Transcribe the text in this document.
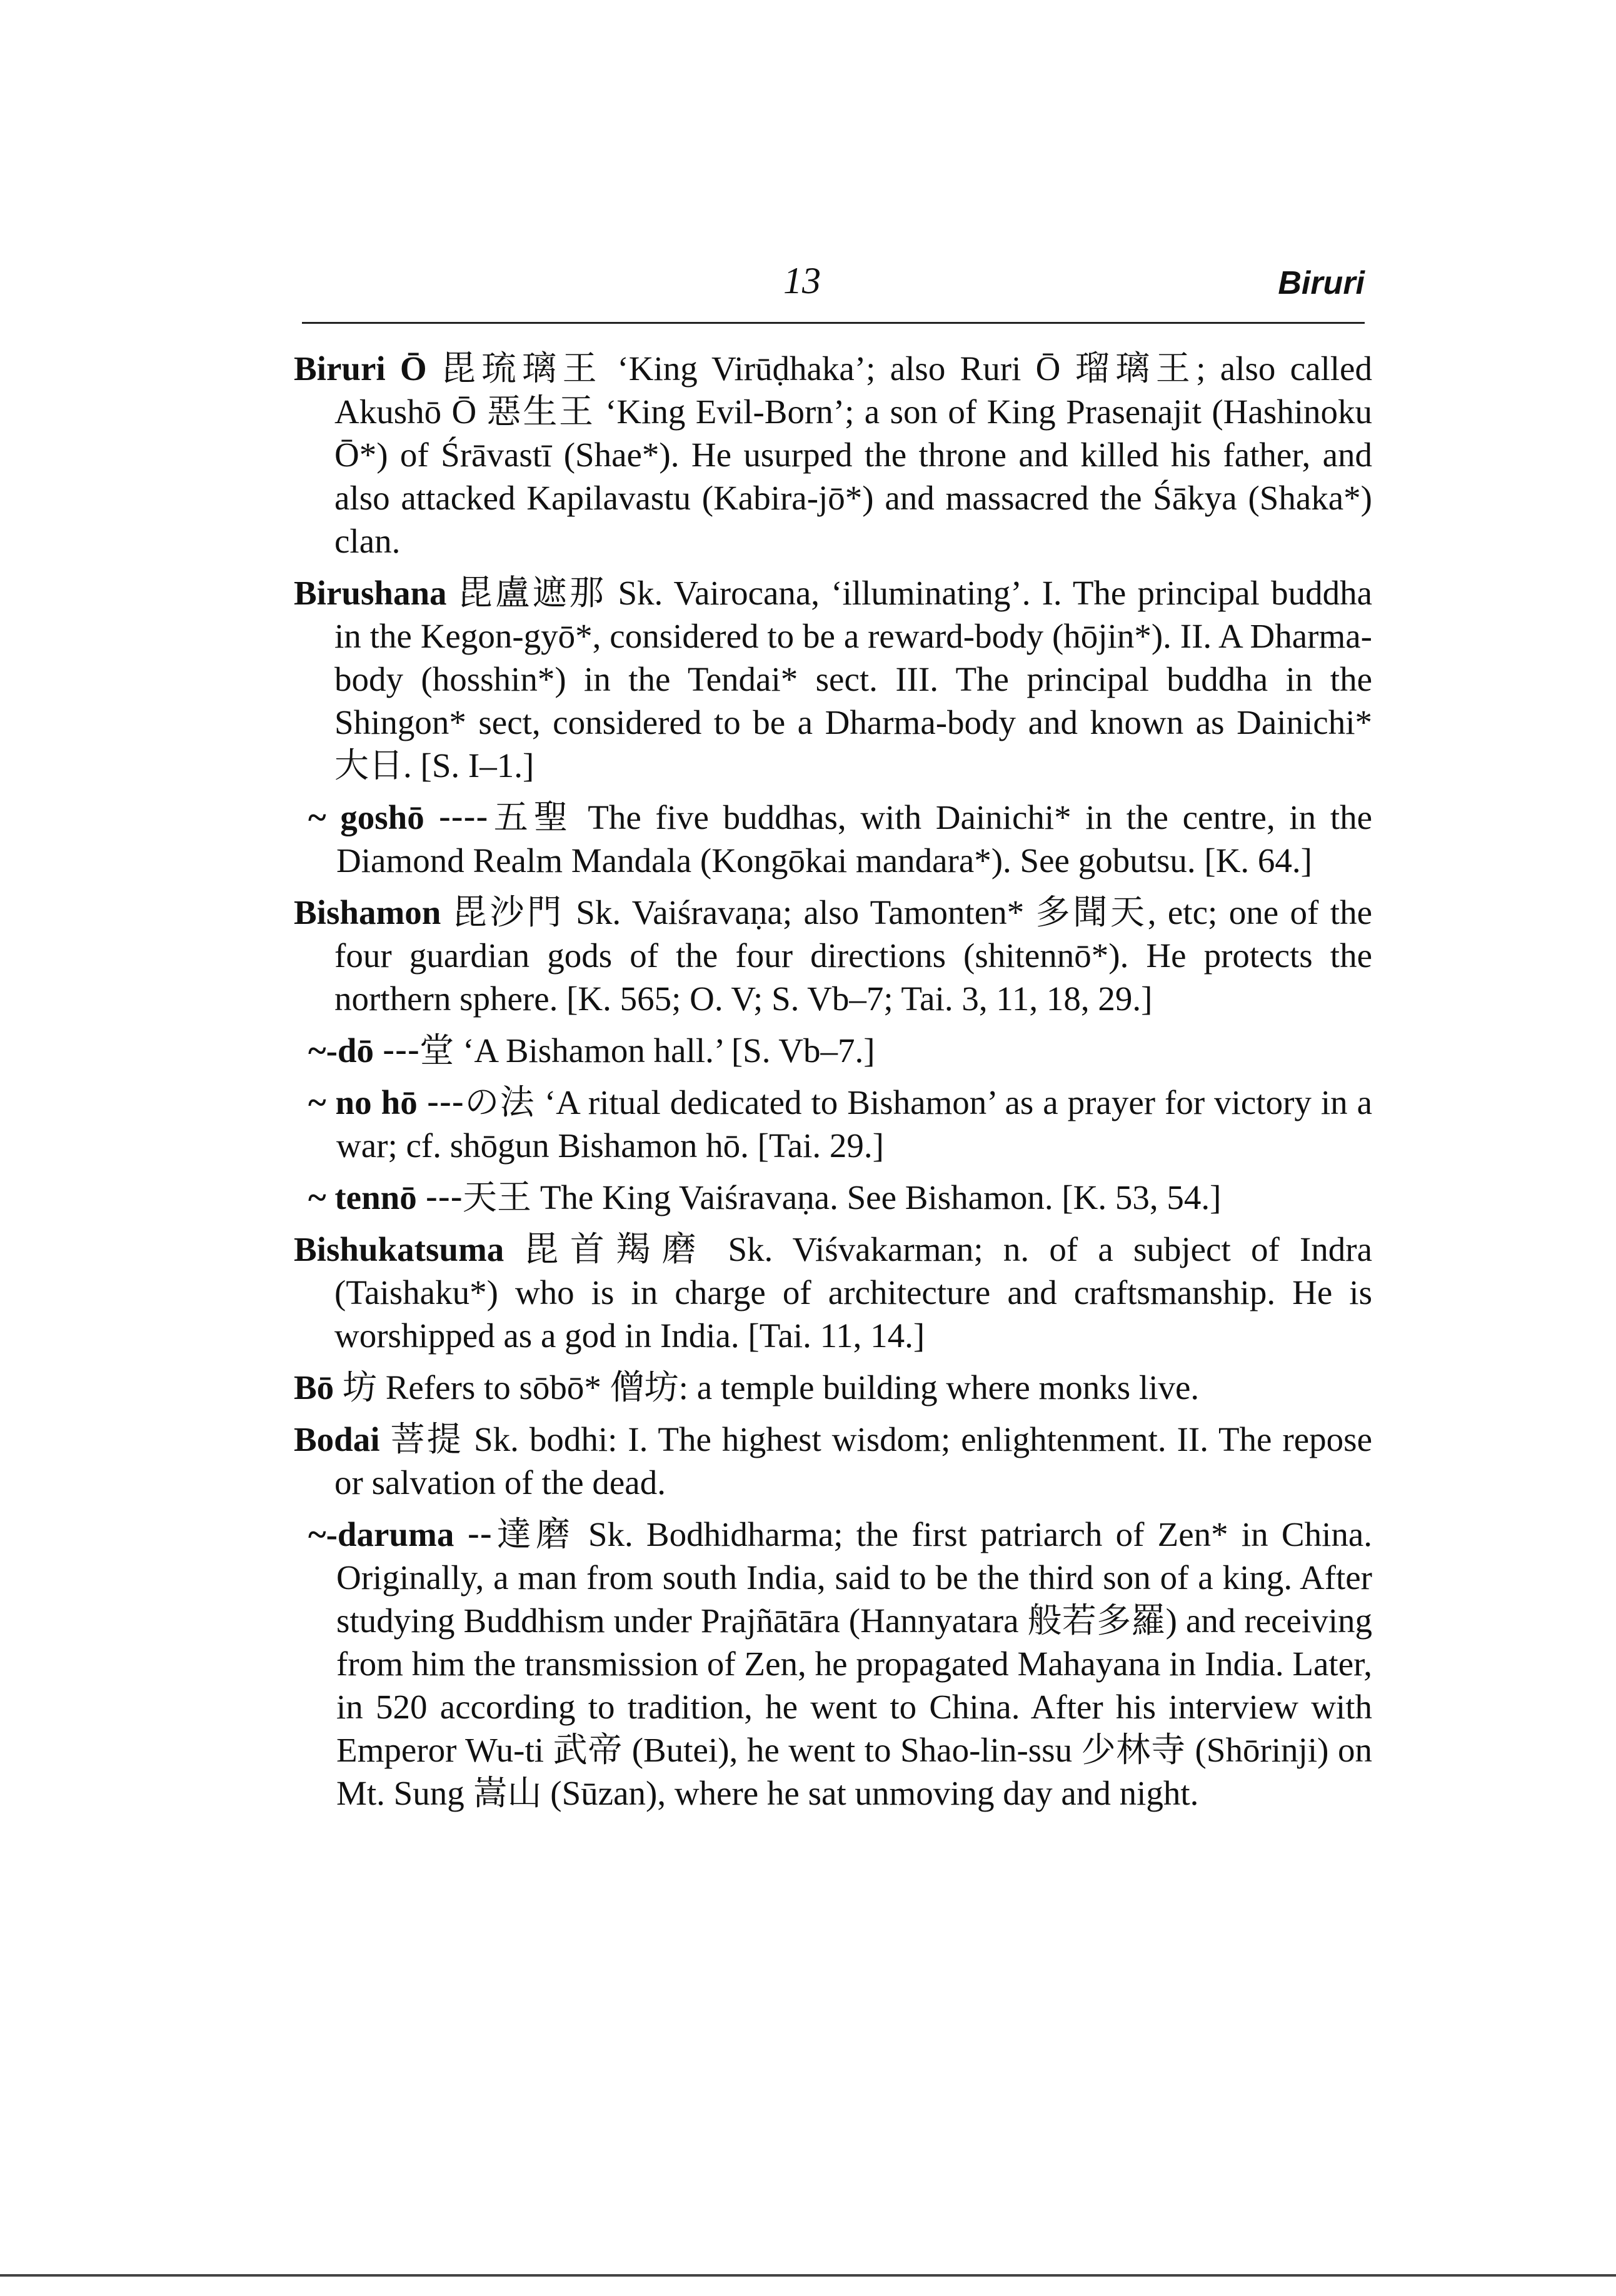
13	Biruri

Biruri Ō 毘琉璃王 ‘King Virūḍhaka’; also Ruri Ō 瑠璃王; also called Akushō Ō 惡生王 ‘King Evil-Born’; a son of King Prasenajit (Hashinoku Ō*) of Śrāvastī (Shae*). He usurped the throne and killed his father, and also attacked Kapilavastu (Kabira-jō*) and massacred the Śākya (Shaka*) clan.

Birushana 毘盧遮那 Sk. Vairocana, ‘illuminating’. I. The principal buddha in the Kegon-gyō*, considered to be a reward-body (hōjin*). II. A Dharma-body (hosshin*) in the Tendai* sect. III. The principal buddha in the Shingon* sect, considered to be a Dharma-body and known as Dainichi* 大日. [S. I–1.]

~ goshō ----五聖 The five buddhas, with Dainichi* in the centre, in the Diamond Realm Mandala (Kongōkai mandara*). See gobutsu. [K. 64.]

Bishamon 毘沙門 Sk. Vaiśravaṇa; also Tamonten* 多聞天, etc; one of the four guardian gods of the four directions (shitennō*). He protects the northern sphere. [K. 565; O. V; S. Vb–7; Tai. 3, 11, 18, 29.]

~-dō ---堂 ‘A Bishamon hall.’ [S. Vb–7.]

~ no hō ---の法 ‘A ritual dedicated to Bishamon’ as a prayer for victory in a war; cf. shōgun Bishamon hō. [Tai. 29.]

~ tennō ---天王 The King Vaiśravaṇa. See Bishamon. [K. 53, 54.]

Bishukatsuma 毘首羯磨 Sk. Viśvakarman; n. of a subject of Indra (Taishaku*) who is in charge of architecture and craftsmanship. He is worshipped as a god in India. [Tai. 11, 14.]

Bō 坊 Refers to sōbō* 僧坊: a temple building where monks live.

Bodai 菩提 Sk. bodhi: I. The highest wisdom; enlightenment. II. The repose or salvation of the dead.

~-daruma --達磨 Sk. Bodhidharma; the first patriarch of Zen* in China. Originally, a man from south India, said to be the third son of a king. After studying Buddhism under Prajñātāra (Hannyatara 般若多羅) and receiving from him the transmission of Zen, he propagated Mahayana in India. Later, in 520 according to tradition, he went to China. After his interview with Emperor Wu-ti 武帝 (Butei), he went to Shao-lin-ssu 少林寺 (Shōrinji) on Mt. Sung 嵩山 (Sūzan), where he sat unmoving day and night.
